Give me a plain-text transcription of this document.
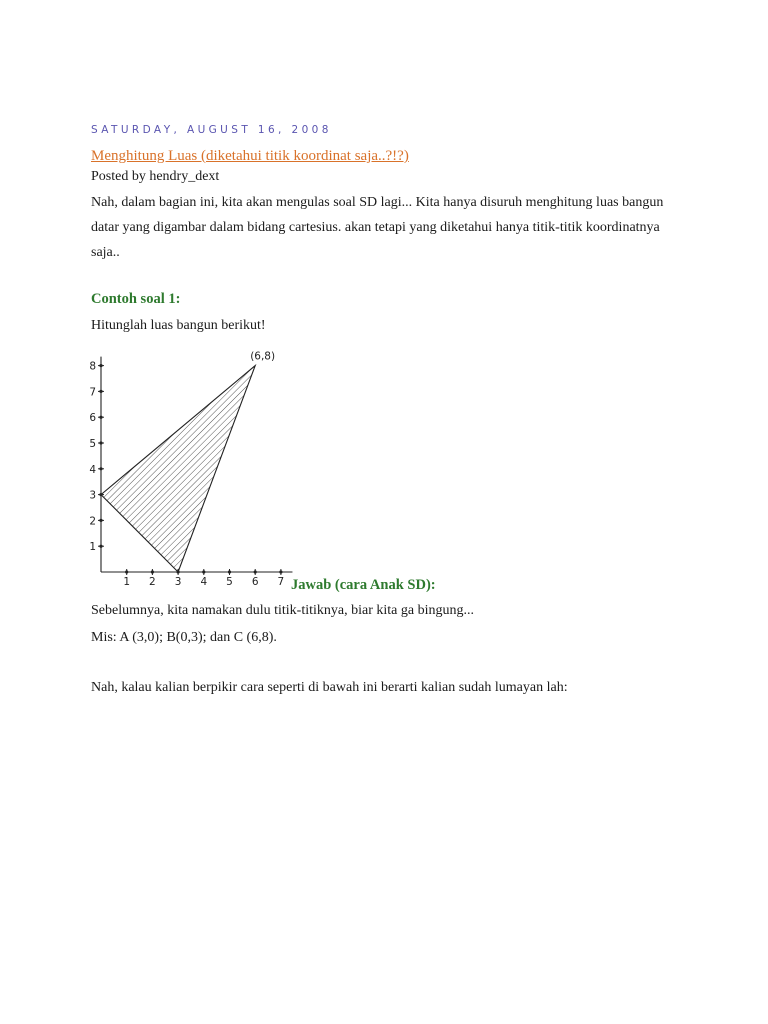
SATURDAY, AUGUST 16, 2008
Menghitung Luas (diketahui titik koordinat saja..?!?)
Posted by hendry_dext
Nah, dalam bagian ini, kita akan mengulas soal SD lagi... Kita hanya disuruh menghitung luas bangun datar yang digambar dalam bidang cartesius. akan tetapi yang diketahui hanya titik-titik koordinatnya saja..
Contoh soal 1:
Hitunglah luas bangun berikut!
1 2 3 4 5 6 7
1
2
3
4
5
6
7
8
(6,8)
Jawab (cara Anak SD):
Sebelumnya, kita namakan dulu titik-titiknya, biar kita ga bingung...
Mis: A (3,0); B(0,3); dan C (6,8).
Nah, kalau kalian berpikir cara seperti di bawah ini berarti kalian sudah lumayan lah:
